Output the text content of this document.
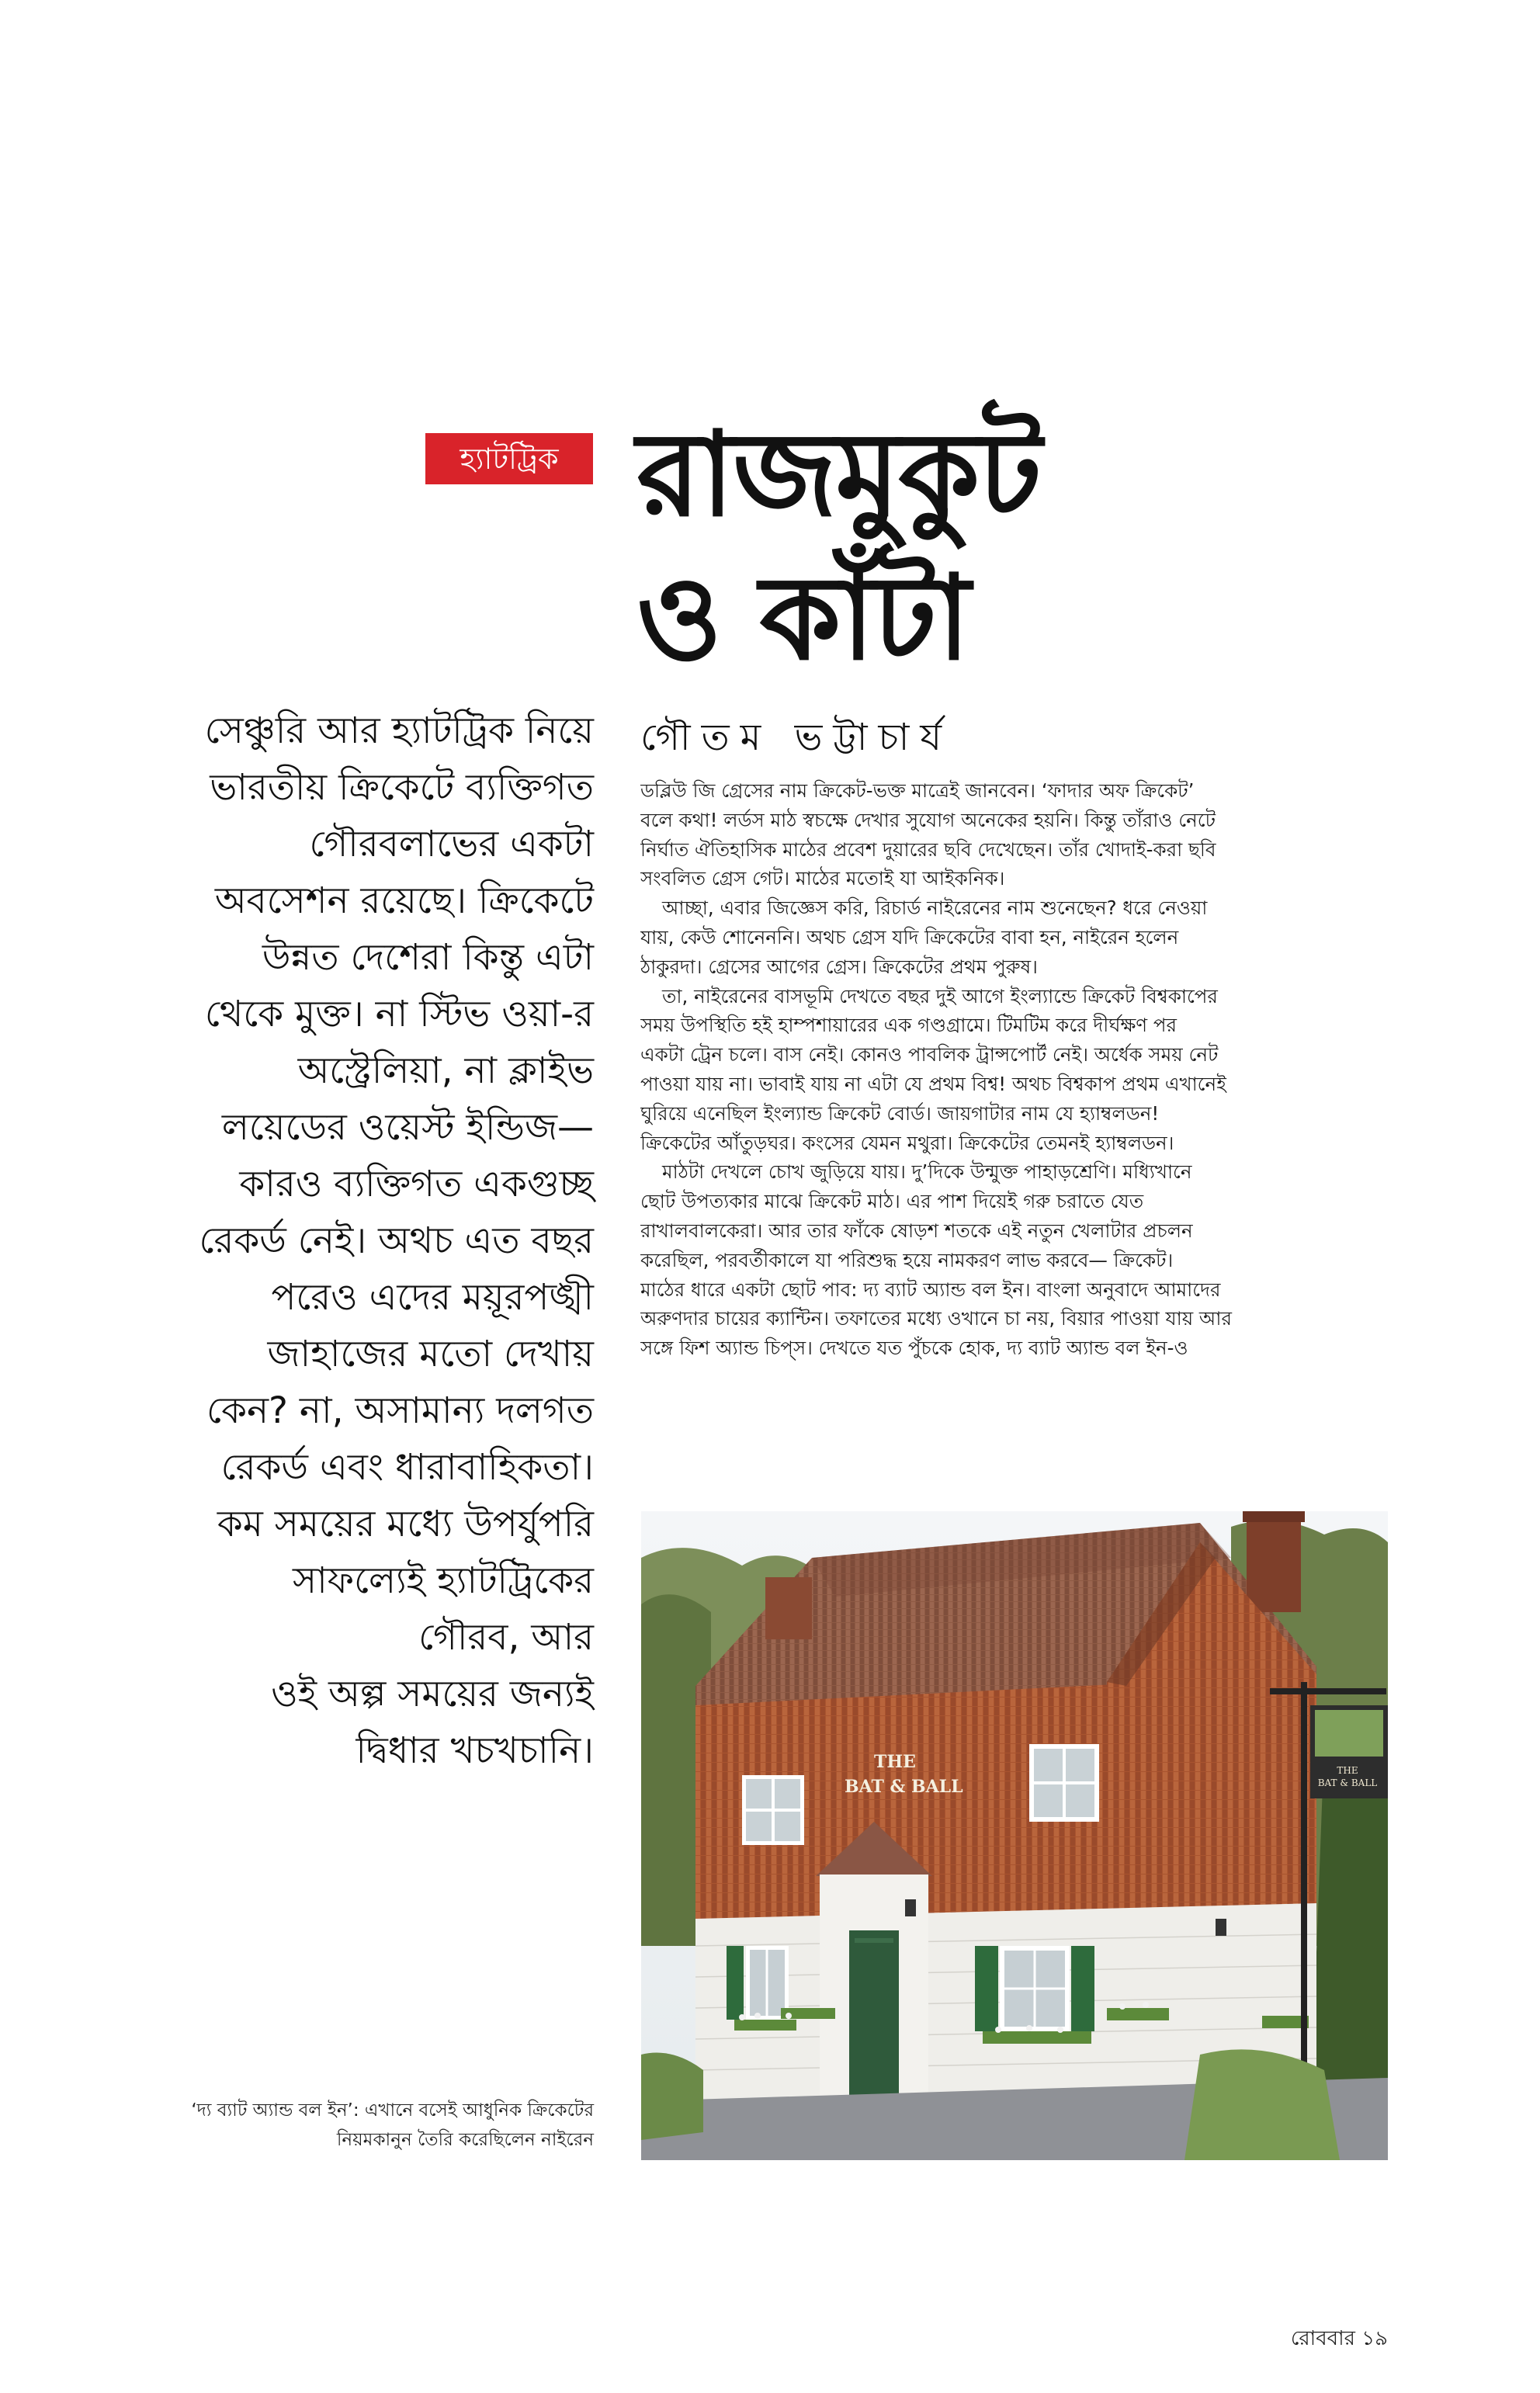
হ্যাটট্রিক রাজমুকুট
ও কাঁটা
সেঞ্চুরি আর হ্যাটট্রিক নিয়ে
ভারতীয় ক্রিকেটে ব্যক্তিগত
গৌরবলাভের একটা
অবসেশন রয়েছে। ক্রিকেটে
উন্নত দেশেরা কিন্তু এটা
থেকে মুক্ত। না স্টিভ ওয়া-র
অস্ট্রেলিয়া, না ক্লাইভ
লয়েডের ওয়েস্ট ইন্ডিজ—
কারও ব্যক্তিগত একগুচ্ছ
রেকর্ড নেই। অথচ এত বছর
পরেও এদের ময়ূরপঙ্খী
জাহাজের মতো দেখায়
কেন? না, অসামান্য দলগত
রেকর্ড এবং ধারাবাহিকতা।
কম সময়ের মধ্যে উপর্যুপরি
সাফল্যেই হ্যাটট্রিকের
গৌরব, আর
ওই অল্প সময়ের জন্যই
দ্বিধার খচখচানি।
গৌতম ভট্টাচার্য
ডব্লিউ জি গ্রেসের নাম ক্রিকেট-ভক্ত মাত্রেই জানবেন। ‘ফাদার অফ ক্রিকেট’
বলে কথা! লর্ডস মাঠ স্বচক্ষে দেখার সুযোগ অনেকের হয়নি। কিন্তু তাঁরাও নেটে
নির্ঘাত ঐতিহাসিক মাঠের প্রবেশ দুয়ারের ছবি দেখেছেন। তাঁর খোদাই-করা ছবি
সংবলিত গ্রেস গেট। মাঠের মতোই যা আইকনিক।
আচ্ছা, এবার জিজ্ঞেস করি, রিচার্ড নাইরেনের নাম শুনেছেন? ধরে নেওয়া
যায়, কেউ শোনেননি। অথচ গ্রেস যদি ক্রিকেটের বাবা হন, নাইরেন হলেন
ঠাকুরদা। গ্রেসের আগের গ্রেস। ক্রিকেটের প্রথম পুরুষ।
তা, নাইরেনের বাসভূমি দেখতে বছর দুই আগে ইংল্যান্ডে ক্রিকেট বিশ্বকাপের
সময় উপস্থিতি হই হাম্পশায়ারের এক গণ্ডগ্রামে। টিমটিম করে দীর্ঘক্ষণ পর
একটা ট্রেন চলে। বাস নেই। কোনও পাবলিক ট্রান্সপোর্ট নেই। অর্ধেক সময় নেট
পাওয়া যায় না। ভাবাই যায় না এটা যে প্রথম বিশ্ব! অথচ বিশ্বকাপ প্রথম এখানেই
ঘুরিয়ে এনেছিল ইংল্যান্ড ক্রিকেট বোর্ড। জায়গাটার নাম যে হ্যাম্বলডন!
ক্রিকেটের আঁতুড়ঘর। কংসের যেমন মথুরা। ক্রিকেটের তেমনই হ্যাম্বলডন।
মাঠটা দেখলে চোখ জুড়িয়ে যায়। দু’দিকে উন্মুক্ত পাহাড়শ্রেণি। মধ্যিখানে
ছোট উপত্যকার মাঝে ক্রিকেট মাঠ। এর পাশ দিয়েই গরু চরাতে যেত
রাখালবালকেরা। আর তার ফাঁকে ষোড়শ শতকে এই নতুন খেলাটার প্রচলন
করেছিল, পরবর্তীকালে যা পরিশুদ্ধ হয়ে নামকরণ লাভ করবে— ক্রিকেট।
মাঠের ধারে একটা ছোট পাব: দ্য ব্যাট অ্যান্ড বল ইন। বাংলা অনুবাদে আমাদের
অরুণদার চায়ের ক্যান্টিন। তফাতের মধ্যে ওখানে চা নয়, বিয়ার পাওয়া যায় আর
সঙ্গে ফিশ অ্যান্ড চিপ্‌স। দেখতে যত পুঁচকে হোক, দ্য ব্যাট অ্যান্ড বল ইন-ও
THE
BAT & BALL
THE
BAT & BALL
‘দ্য ব্যাট অ্যান্ড বল ইন’: এখানে বসেই আধুনিক ক্রিকেটের
নিয়মকানুন তৈরি করেছিলেন নাইরেন
রোববার ১৯
